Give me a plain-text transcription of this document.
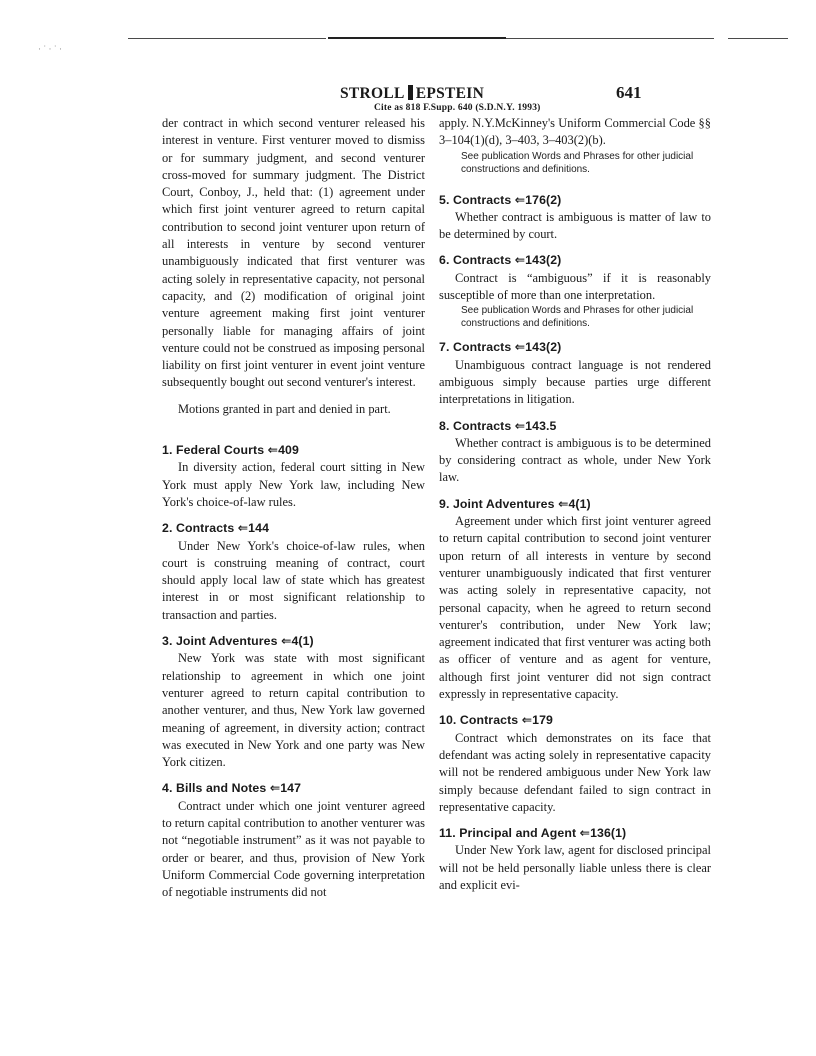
· ˙ · ˙ ·
STROLL EPSTEIN	641
Cite as 818 F.Supp. 640 (S.D.N.Y. 1993)

der contract in which second venturer released his interest in venture. First venturer moved to dismiss or for summary judgment, and second venturer cross-moved for summary judgment. The District Court, Conboy, J., held that: (1) agreement under which first joint venturer agreed to return capital contribution to second joint venturer upon return of all interests in venture by second venturer unambiguously indicated that first venturer was acting solely in representative capacity, not personal capacity, and (2) modification of original joint venture agreement making first joint venturer personally liable for managing affairs of joint venture could not be construed as imposing personal liability on first joint venturer in event joint venture subsequently bought out second venturer's interest.

Motions granted in part and denied in part.

1. Federal Courts ⇐409

In diversity action, federal court sitting in New York must apply New York law, including New York's choice-of-law rules.

2. Contracts ⇐144

Under New York's choice-of-law rules, when court is construing meaning of contract, court should apply local law of state which has greatest interest in or most significant relationship to transaction and parties.

3. Joint Adventures ⇐4(1)

New York was state with most significant relationship to agreement in which one joint venturer agreed to return capital contribution to another venturer, and thus, New York law governed meaning of agreement, in diversity action; contract was executed in New York and one party was New York citizen.

4. Bills and Notes ⇐147

Contract under which one joint venturer agreed to return capital contribution to another venturer was not “negotiable instrument” as it was not payable to order or bearer, and thus, provision of New York Uniform Commercial Code governing interpretation of negotiable instruments did not

apply. N.Y.McKinney's Uniform Commercial Code §§ 3–104(1)(d), 3–403, 3–403(2)(b).

See publication Words and Phrases for other judicial constructions and definitions.

5. Contracts ⇐176(2)

Whether contract is ambiguous is matter of law to be determined by court.

6. Contracts ⇐143(2)

Contract is “ambiguous” if it is reasonably susceptible of more than one interpretation.

See publication Words and Phrases for other judicial constructions and definitions.

7. Contracts ⇐143(2)

Unambiguous contract language is not rendered ambiguous simply because parties urge different interpretations in litigation.

8. Contracts ⇐143.5

Whether contract is ambiguous is to be determined by considering contract as whole, under New York law.

9. Joint Adventures ⇐4(1)

Agreement under which first joint venturer agreed to return capital contribution to second joint venturer upon return of all interests in venture by second venturer unambiguously indicated that first venturer was acting solely in representative capacity, not personal capacity, when he agreed to return second venturer's contribution, under New York law; agreement indicated that first venturer was acting both as officer of venture and as agent for venture, although first joint venturer did not sign contract expressly in representative capacity.

10. Contracts ⇐179

Contract which demonstrates on its face that defendant was acting solely in representative capacity will not be rendered ambiguous under New York law simply because defendant failed to sign contract in representative capacity.

11. Principal and Agent ⇐136(1)

Under New York law, agent for disclosed principal will not be held personally liable unless there is clear and explicit evi-
